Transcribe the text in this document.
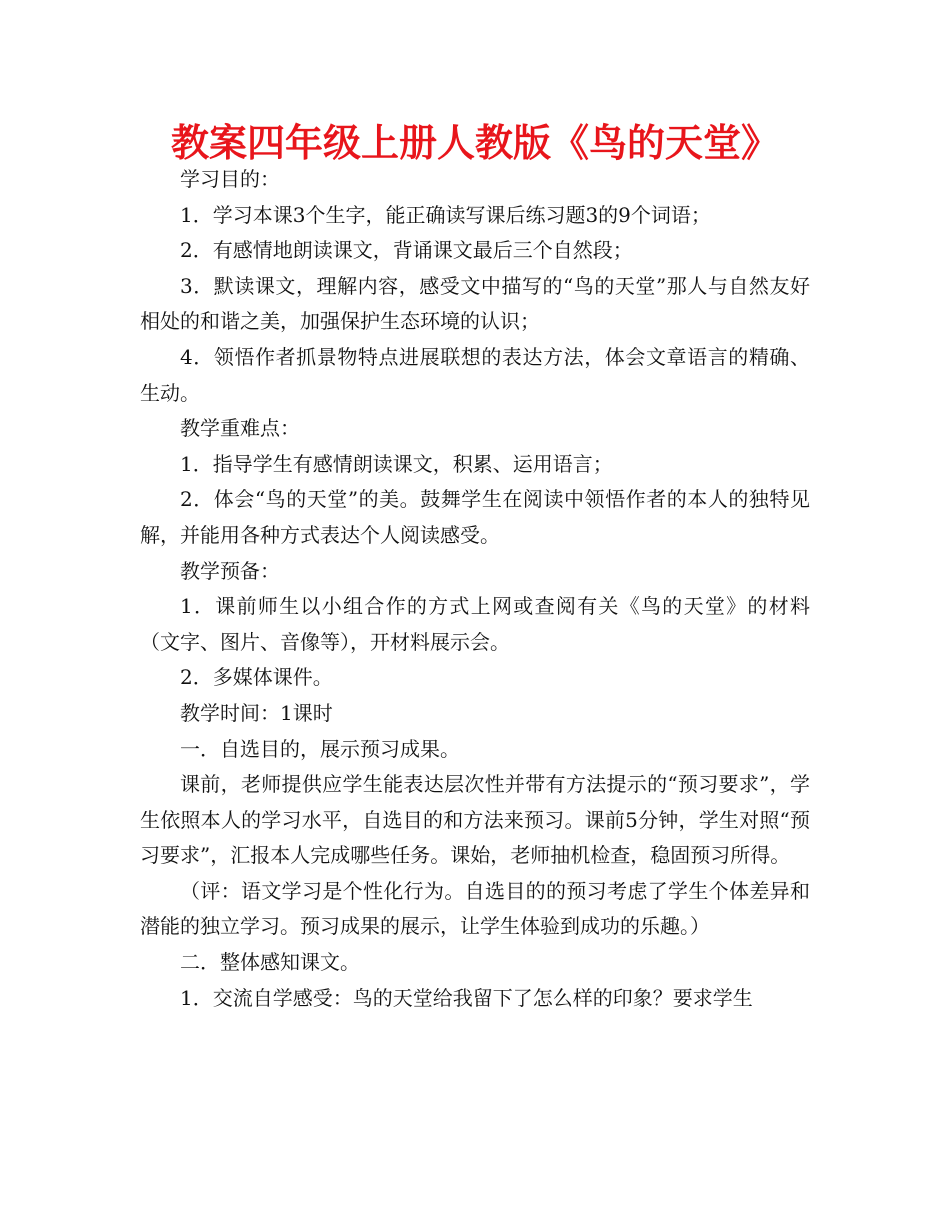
教案四年级上册人教版《鸟的天堂》

学习目的：

1．学习本课3个生字，能正确读写课后练习题3的9个词语；

2．有感情地朗读课文，背诵课文最后三个自然段；

3．默读课文，理解内容，感受文中描写的“鸟的天堂”那人与自然友好相处的和谐之美，加强保护生态环境的认识；

4．领悟作者抓景物特点进展联想的表达方法，体会文章语言的精确、生动。

教学重难点：

1．指导学生有感情朗读课文，积累、运用语言；

2．体会“鸟的天堂”的美。鼓舞学生在阅读中领悟作者的本人的独特见解，并能用各种方式表达个人阅读感受。

教学预备：

1．课前师生以小组合作的方式上网或查阅有关《鸟的天堂》的材料（文字、图片、音像等），开材料展示会。

2．多媒体课件。

教学时间：1课时

一．自选目的，展示预习成果。

课前，老师提供应学生能表达层次性并带有方法提示的“预习要求”，学生依照本人的学习水平，自选目的和方法来预习。课前5分钟，学生对照“预习要求”，汇报本人完成哪些任务。课始，老师抽机检查，稳固预习所得。

（评：语文学习是个性化行为。自选目的的预习考虑了学生个体差异和潜能的独立学习。预习成果的展示，让学生体验到成功的乐趣。）

二．整体感知课文。

1．交流自学感受：鸟的天堂给我留下了怎么样的印象？要求学生
